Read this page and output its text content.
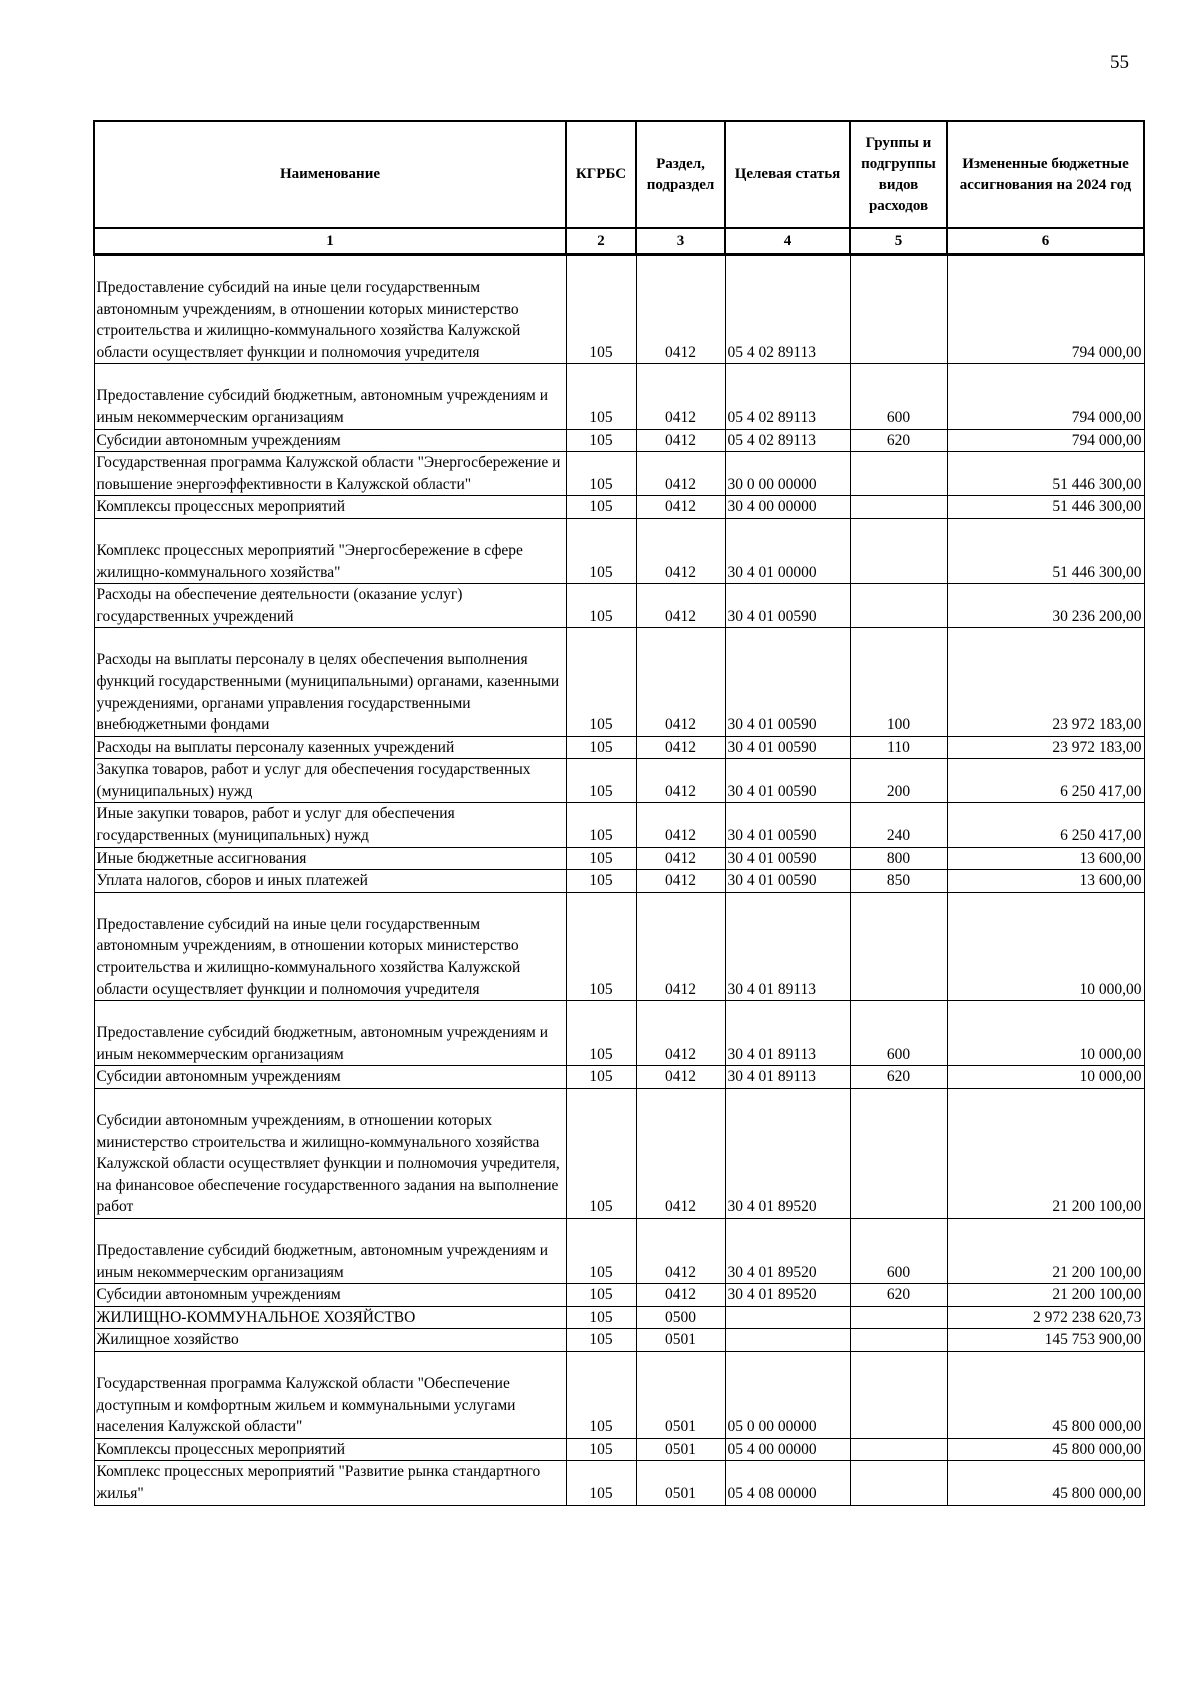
55
Наименование	КГРБС	Раздел, подраздел	Целевая статья	Группы и подгруппы видов расходов	Измененные бюджетные ассигнования на 2024 год
1	2	3	4	5	6
Предоставление субсидий на иные цели государственным автономным учреждениям, в отношении которых министерство строительства и жилищно-коммунального хозяйства Калужской области осуществляет функции и полномочия учредителя	105	0412	05 4 02 89113		794 000,00
Предоставление субсидий бюджетным, автономным учреждениям и иным некоммерческим организациям	105	0412	05 4 02 89113	600	794 000,00
Субсидии автономным учреждениям	105	0412	05 4 02 89113	620	794 000,00
Государственная программа Калужской области "Энергосбережение и повышение энергоэффективности в Калужской области"	105	0412	30 0 00 00000		51 446 300,00
Комплексы процессных мероприятий	105	0412	30 4 00 00000		51 446 300,00
Комплекс процессных мероприятий "Энергосбережение в сфере жилищно-коммунального хозяйства"	105	0412	30 4 01 00000		51 446 300,00
Расходы на обеспечение деятельности (оказание услуг) государственных учреждений	105	0412	30 4 01 00590		30 236 200,00
Расходы на выплаты персоналу в целях обеспечения выполнения функций государственными (муниципальными) органами, казенными учреждениями, органами управления государственными внебюджетными фондами	105	0412	30 4 01 00590	100	23 972 183,00
Расходы на выплаты персоналу казенных учреждений	105	0412	30 4 01 00590	110	23 972 183,00
Закупка товаров, работ и услуг для обеспечения государственных (муниципальных) нужд	105	0412	30 4 01 00590	200	6 250 417,00
Иные закупки товаров, работ и услуг для обеспечения государственных (муниципальных) нужд	105	0412	30 4 01 00590	240	6 250 417,00
Иные бюджетные ассигнования	105	0412	30 4 01 00590	800	13 600,00
Уплата налогов, сборов и иных платежей	105	0412	30 4 01 00590	850	13 600,00
Предоставление субсидий на иные цели государственным автономным учреждениям, в отношении которых министерство строительства и жилищно-коммунального хозяйства Калужской области осуществляет функции и полномочия учредителя	105	0412	30 4 01 89113		10 000,00
Предоставление субсидий бюджетным, автономным учреждениям и иным некоммерческим организациям	105	0412	30 4 01 89113	600	10 000,00
Субсидии автономным учреждениям	105	0412	30 4 01 89113	620	10 000,00
Субсидии автономным учреждениям, в отношении которых министерство строительства и жилищно-коммунального хозяйства Калужской области осуществляет функции и полномочия учредителя, на финансовое обеспечение государственного задания на выполнение работ	105	0412	30 4 01 89520		21 200 100,00
Предоставление субсидий бюджетным, автономным учреждениям и иным некоммерческим организациям	105	0412	30 4 01 89520	600	21 200 100,00
Субсидии автономным учреждениям	105	0412	30 4 01 89520	620	21 200 100,00
ЖИЛИЩНО-КОММУНАЛЬНОЕ ХОЗЯЙСТВО	105	0500			2 972 238 620,73
Жилищное хозяйство	105	0501			145 753 900,00
Государственная программа Калужской области "Обеспечение доступным и комфортным жильем и коммунальными услугами населения Калужской области"	105	0501	05 0 00 00000		45 800 000,00
Комплексы процессных мероприятий	105	0501	05 4 00 00000		45 800 000,00
Комплекс процессных мероприятий "Развитие рынка стандартного жилья"	105	0501	05 4 08 00000		45 800 000,00
